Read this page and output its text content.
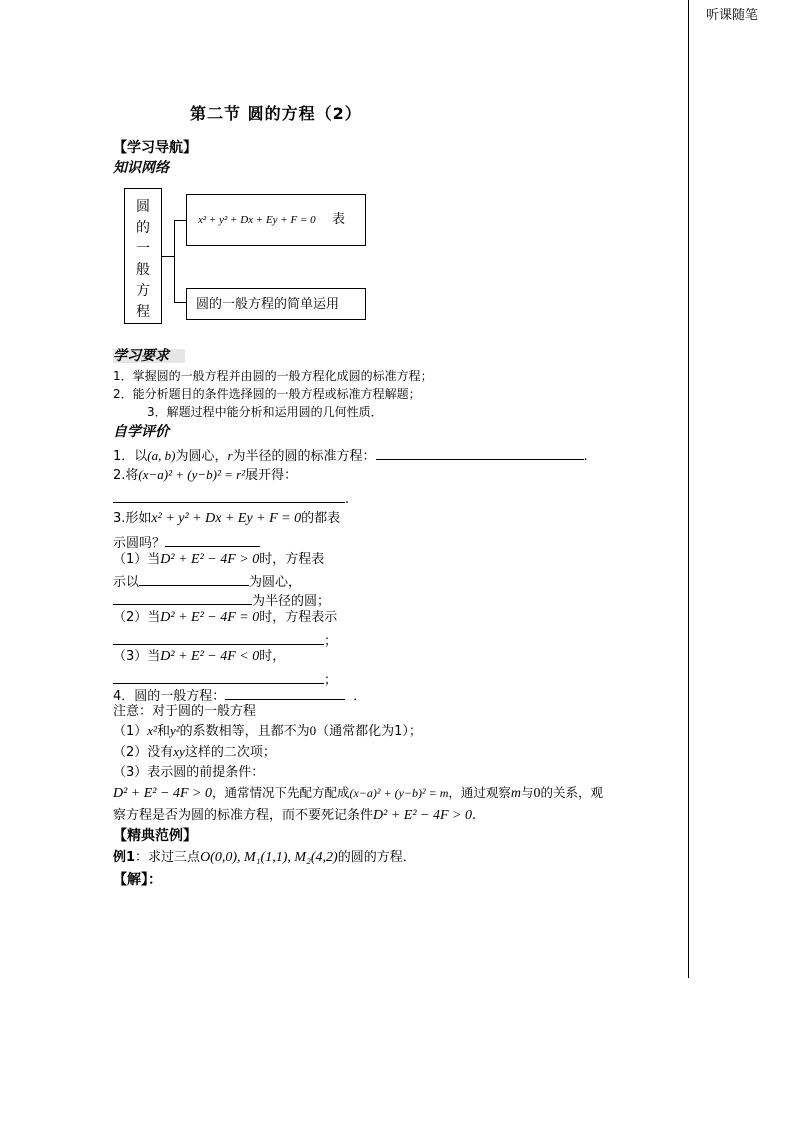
听课随笔
第二节 圆的方程（2）
【学习导航】
知识网络
圆
的
一
般
方
程
x² + y² + Dx + Ey + F = 0 表
圆的一般方程的简单运用
学习要求
1．掌握圆的一般方程并由圆的一般方程化成圆的标准方程；
2．能分析题目的条件选择圆的一般方程或标准方程解题；
3．解题过程中能分析和运用圆的几何性质．
自学评价
1．以(a, b)为圆心，r为半径的圆的标准方程：	.
2.将(x−a)² + (y−b)² = r²展开得：
.
3.形如x² + y² + Dx + Ey + F = 0的都表
示圆吗？
（1）当D² + E² − 4F > 0时，方程表
示以	为圆心，
为半径的圆；
（2）当D² + E² − 4F = 0时，方程表示
；
（3）当D² + E² − 4F < 0时，
；
4．圆的一般方程：	．
注意：对于圆的一般方程
（1）x²和y²的系数相等，且都不为0（通常都化为1）；
（2）没有xy这样的二次项；
（3）表示圆的前提条件：
D² + E² − 4F > 0，通常情况下先配方配成(x−a)² + (y−b)² = m，通过观察m与0的关系，观
察方程是否为圆的标准方程，而不要死记条件D² + E² − 4F > 0.
【精典范例】
例1：求过三点O(0,0), M₁(1,1), M₂(4,2)的圆的方程．
【解】：
